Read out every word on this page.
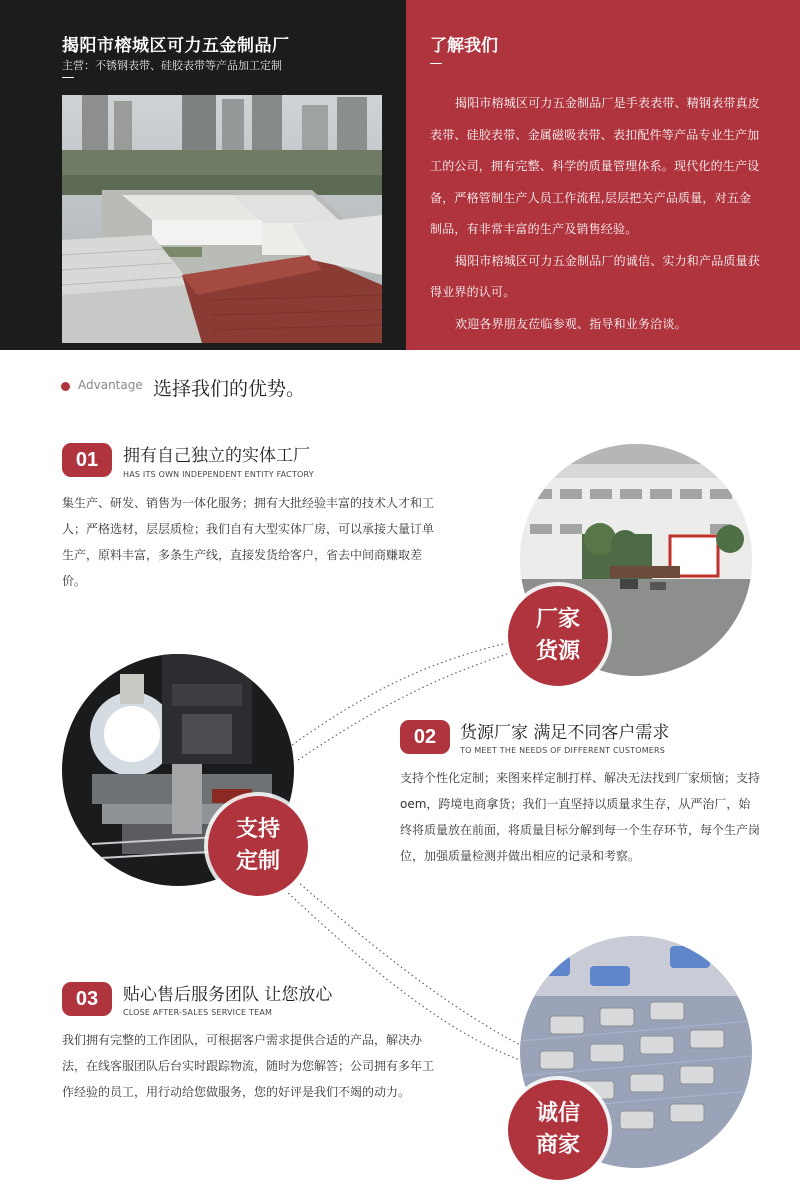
揭阳市榕城区可力五金制品厂
主营：不锈钢表带、硅胶表带等产品加工定制
了解我们

揭阳市榕城区可力五金制品厂是手表表带、精钢表带真皮表带、硅胶表带、金属磁吸表带、表扣配件等产品专业生产加工的公司，拥有完整、科学的质量管理体系。现代化的生产设备，严格管制生产人员工作流程,层层把关产品质量，对五金制品，有非常丰富的生产及销售经验。

揭阳市榕城区可力五金制品厂的诚信、实力和产品质量获得业界的认可。

欢迎各界朋友莅临参观、指导和业务洽谈。

Advantage 选择我们的优势。
01	拥有自己独立的实体工厂
HAS ITS OWN INDEPENDENT ENTITY FACTORY
集生产、研发、销售为一体化服务；拥有大批经验丰富的技术人才和工人；严格选材，层层质检；我们自有大型实体厂房，可以承接大量订单生产，原料丰富，多条生产线，直接发货给客户，省去中间商赚取差价。
厂家
货源
支持
定制
02	货源厂家 满足不同客户需求
TO MEET THE NEEDS OF DIFFERENT CUSTOMERS
支持个性化定制；来图来样定制打样、解决无法找到厂家烦恼；支持oem，跨境电商拿货；我们一直坚持以质量求生存，从严治厂，始终将质量放在前面，将质量目标分解到每一个生存环节，每个生产岗位，加强质量检测并做出相应的记录和考察。
03	贴心售后服务团队 让您放心
CLOSE AFTER-SALES SERVICE TEAM
我们拥有完整的工作团队，可根据客户需求提供合适的产品，解决办法，在线客服团队后台实时跟踪物流，随时为您解答；公司拥有多年工作经验的员工，用行动给您做服务，您的好评是我们不竭的动力。
诚信
商家
